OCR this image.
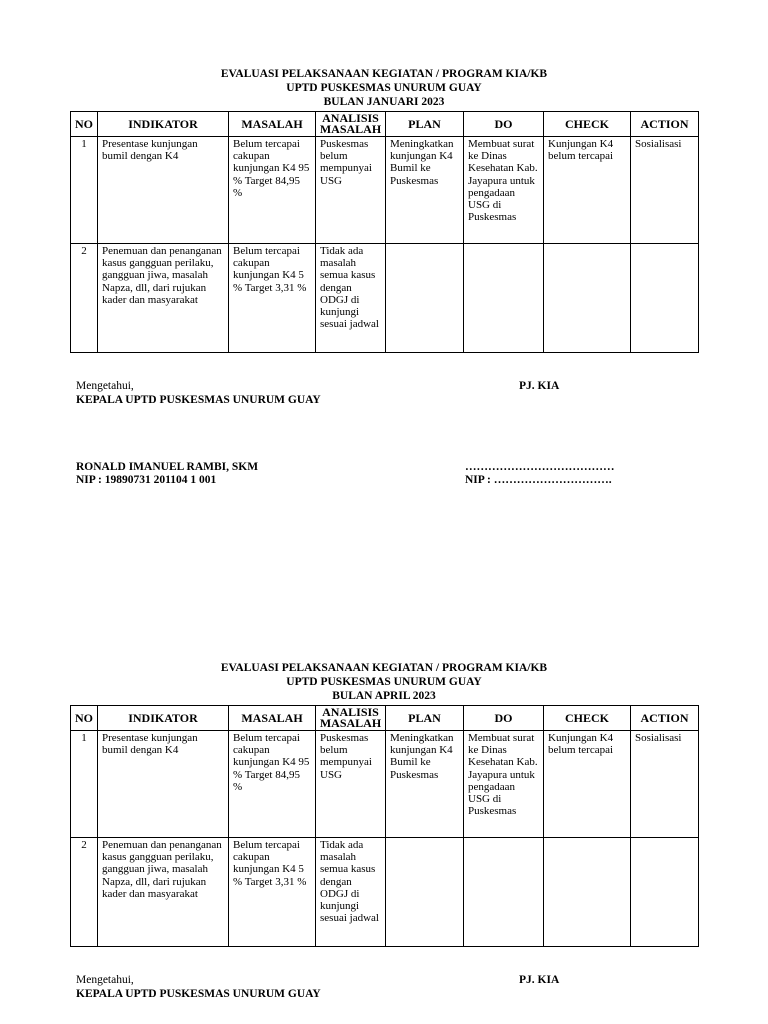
EVALUASI PELAKSANAAN KEGIATAN / PROGRAM KIA/KB
UPTD PUSKESMAS UNURUM GUAY
BULAN JANUARI 2023
NO	INDIKATOR	MASALAH	ANALISIS MASALAH	PLAN	DO	CHECK	ACTION
1	Presentase kunjungan bumil dengan K4	Belum tercapai cakupan kunjungan K4 95 % Target 84,95 %	Puskesmas belum mempunyai USG	Meningkatkan kunjungan K4 Bumil ke Puskesmas	Membuat surat ke Dinas Kesehatan Kab. Jayapura untuk pengadaan USG di Puskesmas	Kunjungan K4 belum tercapai	Sosialisasi
2	Penemuan dan penanganan kasus gangguan perilaku, gangguan jiwa, masalah Napza, dll, dari rujukan kader dan masyarakat	Belum tercapai cakupan kunjungan K4 5 % Target 3,31 %	Tidak ada masalah semua kasus dengan ODGJ di kunjungi sesuai jadwal				
Mengetahui,	PJ. KIA
KEPALA UPTD PUSKESMAS UNURUM GUAY
RONALD IMANUEL RAMBI, SKM	…………………………………
NIP : 19890731 201104 1 001	NIP : ………………………….
EVALUASI PELAKSANAAN KEGIATAN / PROGRAM KIA/KB
UPTD PUSKESMAS UNURUM GUAY
BULAN APRIL 2023
NO	INDIKATOR	MASALAH	ANALISIS MASALAH	PLAN	DO	CHECK	ACTION
1	Presentase kunjungan bumil dengan K4	Belum tercapai cakupan kunjungan K4 95 % Target 84,95 %	Puskesmas belum mempunyai USG	Meningkatkan kunjungan K4 Bumil ke Puskesmas	Membuat surat ke Dinas Kesehatan Kab. Jayapura untuk pengadaan USG di Puskesmas	Kunjungan K4 belum tercapai	Sosialisasi
2	Penemuan dan penanganan kasus gangguan perilaku, gangguan jiwa, masalah Napza, dll, dari rujukan kader dan masyarakat	Belum tercapai cakupan kunjungan K4 5 % Target 3,31 %	Tidak ada masalah semua kasus dengan ODGJ di kunjungi sesuai jadwal				
Mengetahui,	PJ. KIA
KEPALA UPTD PUSKESMAS UNURUM GUAY
